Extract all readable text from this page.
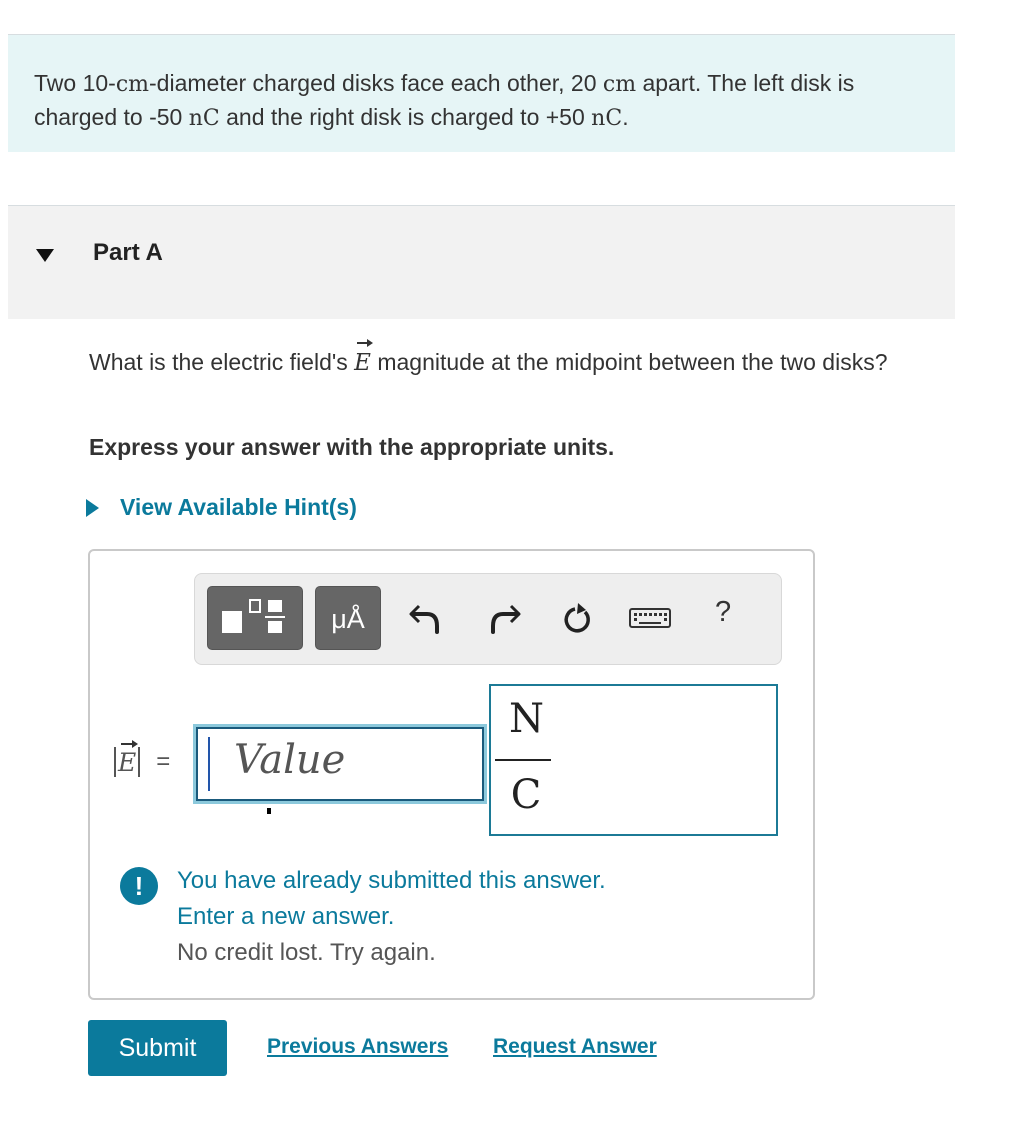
Two 10-cm-diameter charged disks face each other, 20 cm apart. The left disk is charged to -50 nC and the right disk is charged to +50 nC.
Part A
What is the electric field's E magnitude at the midpoint between the two disks?
Express your answer with the appropriate units.
View Available Hint(s)
μÅ	?
E = Value
N
C
!	You have already submitted this answer.
Enter a new answer.
No credit lost. Try again.
Submit	Previous Answers Request Answer
